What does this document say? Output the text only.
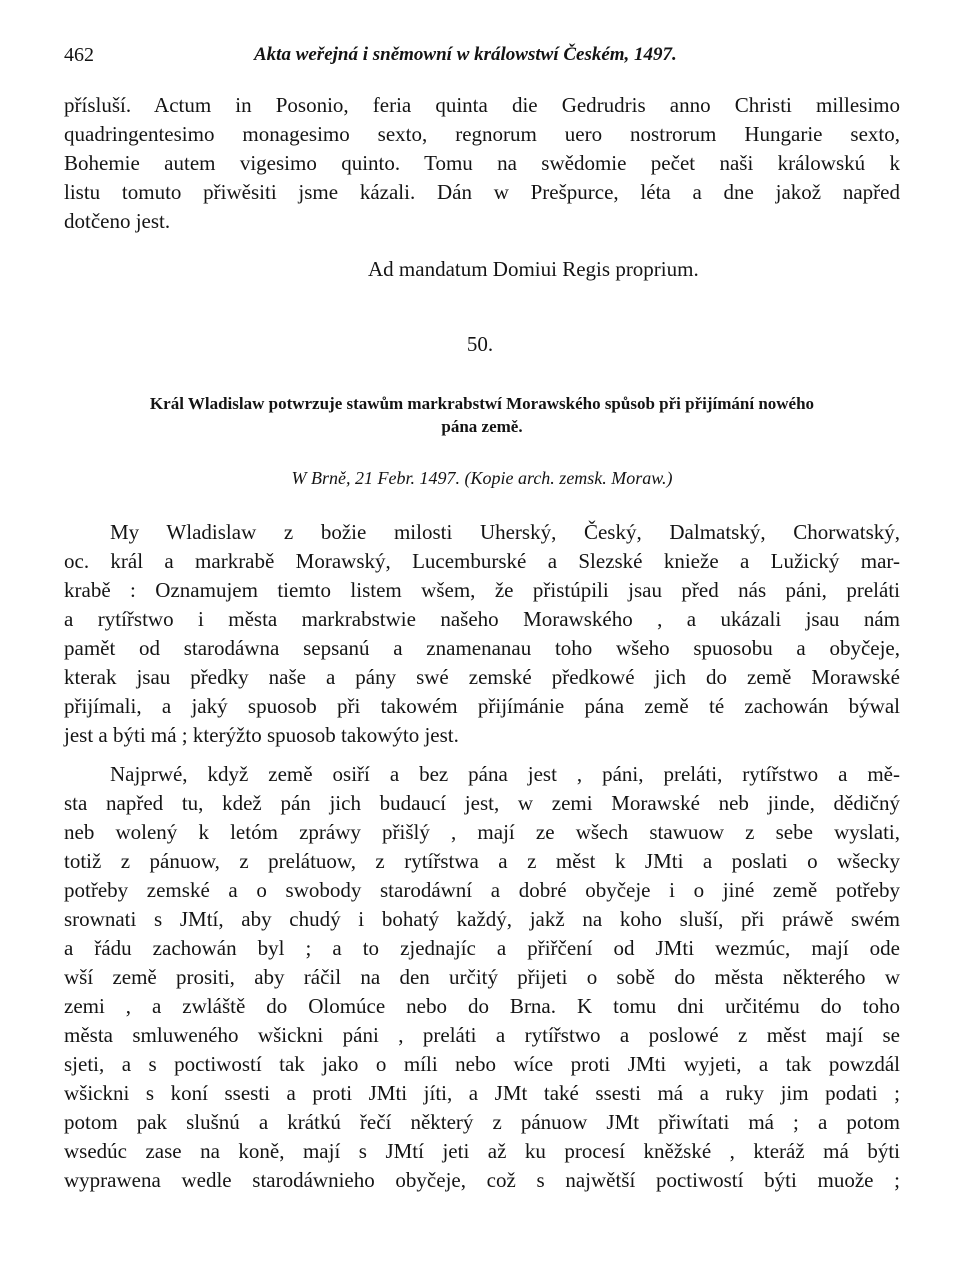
462	Akta weřejná i sněmowní w králowstwí Českém, 1497.
přísluší. Actum in Posonio, feria quinta die Gedrudris anno Christi millesimo
quadringentesimo monagesimo sexto, regnorum uero nostrorum Hungarie sexto,
Bohemie autem vigesimo quinto. Tomu na swědomie pečet naši králowskú k
listu tomuto přiwěsiti jsme kázali. Dán w Prešpurce, léta a dne jakož napřed
dotčeno jest.
Ad mandatum Domiui Regis proprium.
50.
Král Wladislaw potwrzuje stawům markrabstwí Morawského spůsob při přijímání nowého
pána země.
W Brně, 21 Febr. 1497. (Kopie arch. zemsk. Moraw.)
My Wladislaw z božie milosti Uherský, Český, Dalmatský, Chorwatský,
oc. král a markrabě Morawský, Lucemburské a Slezské knieže a Lužický mar-
krabě : Oznamujem tiemto listem wšem, že přistúpili jsau před nás páni, preláti
a rytířstwo i města markrabstwie našeho Morawského , a ukázali jsau nám
pamět od starodáwna sepsanú a znamenanau toho wšeho spuosobu a obyčeje,
kterak jsau předky naše a pány swé zemské předkowé jich do země Morawské
přijímali, a jaký spuosob při takowém přijímánie pána země té zachowán býwal
jest a býti má ; kterýžto spuosob takowýto jest.
Najprwé, když země osiří a bez pána jest , páni, preláti, rytířstwo a mě-
sta napřed tu, kdež pán jich budaucí jest, w zemi Morawské neb jinde, dědičný
neb wolený k letóm zpráwy přišlý , mají ze wšech stawuow z sebe wyslati,
totiž z pánuow, z prelátuow, z rytířstwa a z měst k JMti a poslati o wšecky
potřeby zemské a o swobody starodáwní a dobré obyčeje i o jiné země potřeby
srownati s JMtí, aby chudý i bohatý každý, jakž na koho sluší, při práwě swém
a řádu zachowán byl ; a to zjednajíc a přiřčení od JMti wezmúc, mají ode
wší země prositi, aby ráčil na den určitý přijeti o sobě do města některého w
zemi , a zwláště do Olomúce nebo do Brna. K tomu dni určitému do toho
města smluweného wšickni páni , preláti a rytířstwo a poslowé z měst mají se
sjeti, a s poctiwostí tak jako o míli nebo wíce proti JMti wyjeti, a tak powzdál
wšickni s koní ssesti a proti JMti jíti, a JMt také ssesti má a ruky jim podati ;
potom pak slušnú a krátkú řečí některý z pánuow JMt přiwítati má ; a potom
wsedúc zase na koně, mají s JMtí jeti až ku procesí kněžské , kteráž má býti
wyprawena wedle starodáwnieho obyčeje, což s najwětší poctiwostí býti muože ;
